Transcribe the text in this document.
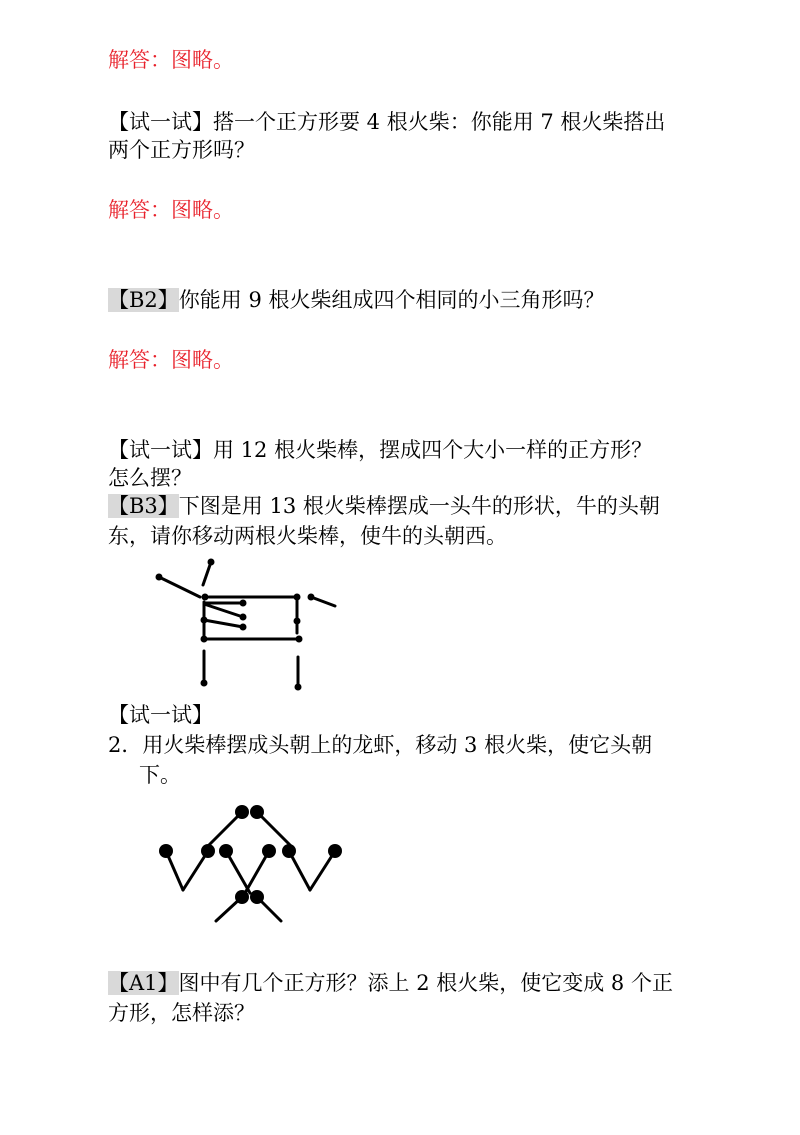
解答：图略。
【试一试】搭一个正方形要 4 根火柴：你能用 7 根火柴搭出
两个正方形吗？
解答：图略。
【B2】你能用 9 根火柴组成四个相同的小三角形吗？
解答：图略。
【试一试】用 12 根火柴棒，摆成四个大小一样的正方形？
怎么摆？
【B3】下图是用 13 根火柴棒摆成一头牛的形状，牛的头朝
东，请你移动两根火柴棒，使牛的头朝西。
【试一试】
2．用火柴棒摆成头朝上的龙虾，移动 3 根火柴，使它头朝
下。
【A1】图中有几个正方形？添上 2 根火柴，使它变成 8 个正
方形，怎样添？
